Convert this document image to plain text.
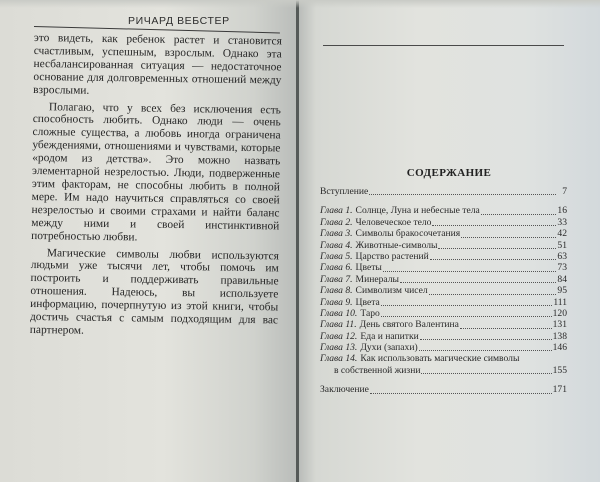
РИЧАРД ВЕБСТЕР

это видеть, как ребенок растет и становится счастливым, успешным, взрослым. Однако эта несбалансированная ситуация — недостаточное основание для долговременных отношений между взрослыми.

Полагаю, что у всех без исключения есть способность любить. Однако люди — очень сложные существа, а любовь иногда ограничена убеждениями, отношениями и чувствами, которые «родом из детства». Это можно назвать элементарной незрелостью. Люди, подверженные этим факторам, не способны любить в полной мере. Им надо научиться справляться со своей незрелостью и своими страхами и найти баланс между ними и своей инстинктивной потребностью любви.

Магические символы любви используются людьми уже тысячи лет, чтобы помочь им построить и поддерживать правильные отношения. Надеюсь, вы используете информацию, почерпнутую из этой книги, чтобы достичь счастья с самым подходящим для вас партнером.

СОДЕРЖАНИЕ
Вступление	7
Глава 1. Солнце, Луна и небесные тела	16
Глава 2. Человеческое тело	33
Глава 3. Символы бракосочетания	42
Глава 4. Животные-символы	51
Глава 5. Царство растений	63
Глава 6. Цветы	73
Глава 7. Минералы	84
Глава 8. Символизм чисел	95
Глава 9. Цвета	111
Глава 10. Таро	120
Глава 11. День святого Валентина	131
Глава 12. Еда и напитки	138
Глава 13. Духи (запахи)	146
Глава 14. Как использовать магические символы
в собственной жизни	155
Заключение	171
